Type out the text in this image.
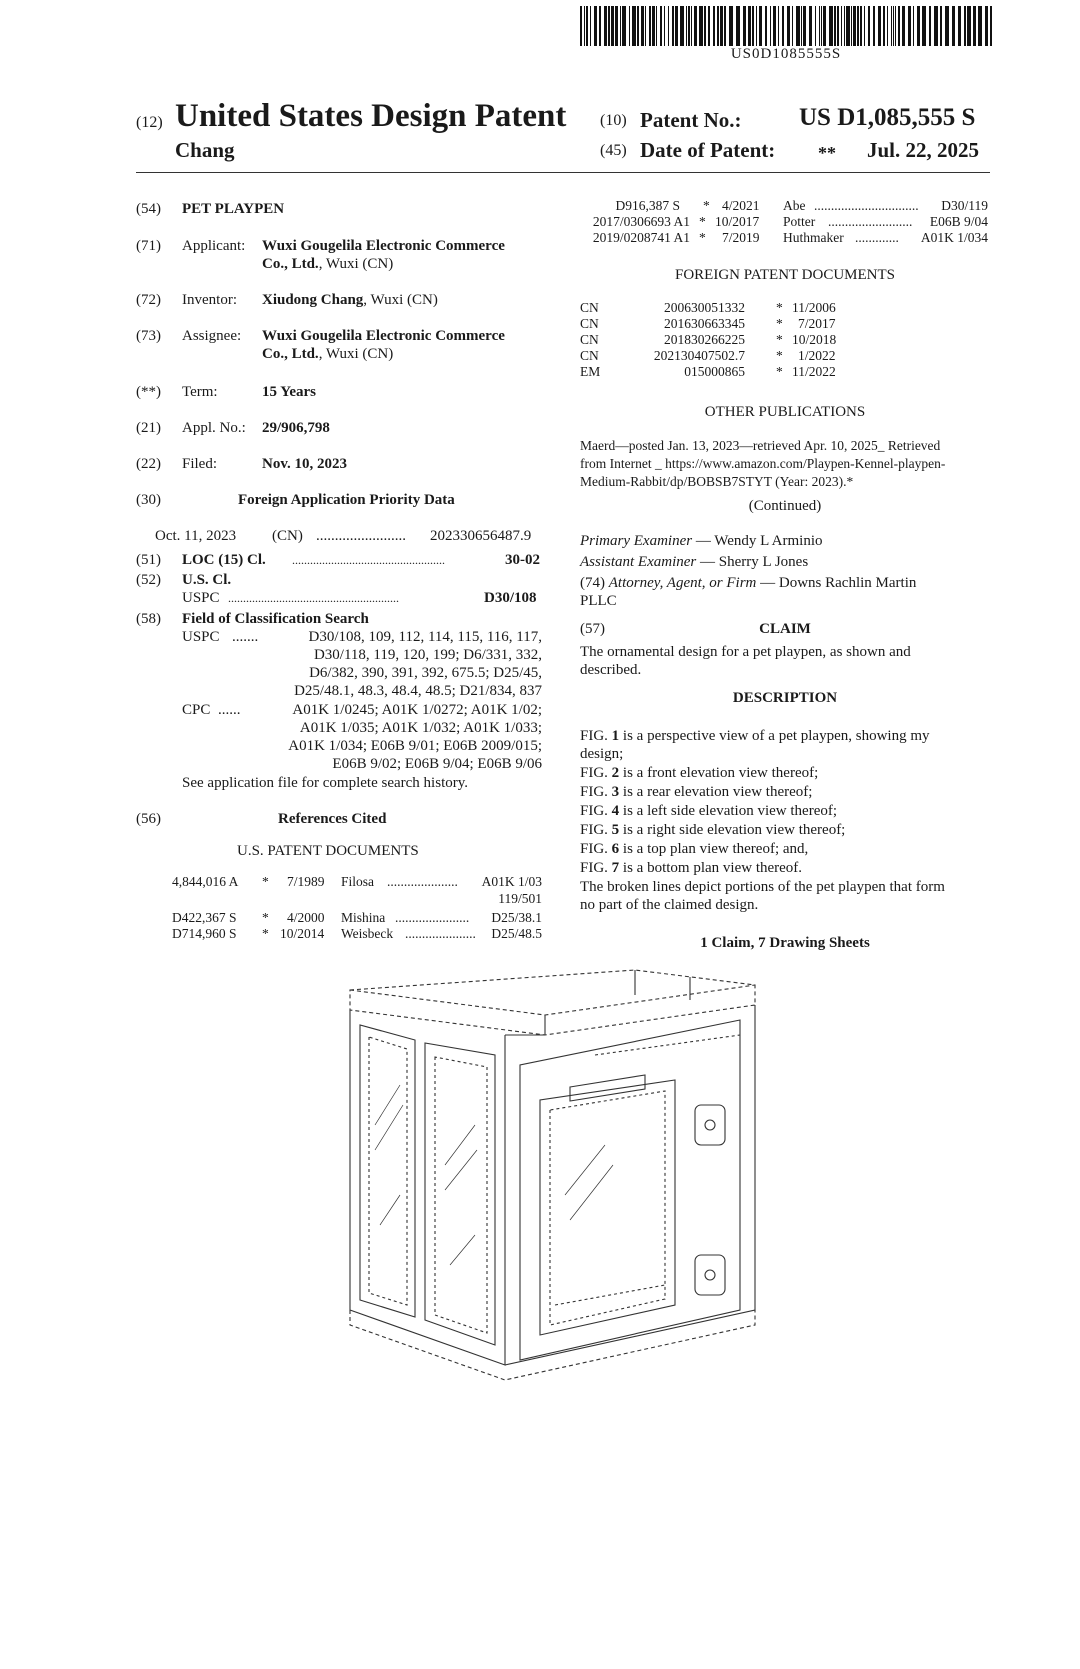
US0D1085555S
(12) United States Design Patent
Chang
(10) Patent No.: US D1,085,555 S
(45) Date of Patent: ** Jul. 22, 2025
(54) PET PLAYPEN
(71) Applicant: Wuxi Gougelila Electronic Commerce
Co., Ltd., Wuxi (CN)
(72) Inventor: Xiudong Chang, Wuxi (CN)
(73) Assignee: Wuxi Gougelila Electronic Commerce
Co., Ltd., Wuxi (CN)
(**) Term:	15 Years
(21) Appl. No.: 29/906,798
(22) Filed:	Nov. 10, 2023
(30)	Foreign Application Priority Data
Oct. 11, 2023 (CN) ........................ 202330656487.9
(51) LOC (15) Cl. ...................................................	30-02
(52) U.S. Cl.
USPC .........................................................	D30/108
(58) Field of Classification Search
USPC .......	D30/108, 109, 112, 114, 115, 116, 117,
D30/118, 119, 120, 199; D6/331, 332,
D6/382, 390, 391, 392, 675.5; D25/45,
D25/48.1, 48.3, 48.4, 48.5; D21/834, 837
CPC ......	A01K 1/0245; A01K 1/0272; A01K 1/02;
A01K 1/035; A01K 1/032; A01K 1/033;
A01K 1/034; E06B 9/01; E06B 2009/015;
E06B 9/02; E06B 9/04; E06B 9/06
See application file for complete search history.
(56)	References Cited
U.S. PATENT DOCUMENTS
4,844,016 A * 7/1989 Filosa .....................	A01K 1/03
119/501
D422,367 S * 4/2000 Mishina ......................	D25/38.1
D714,960 S * 10/2014 Weisbeck .....................	D25/48.5
D916,387 S * 4/2021 Abe ...............................	D30/119
2017/0306693 A1 * 10/2017 Potter .........................	E06B 9/04
2019/0208741 A1 * 7/2019 Huthmaker .............	A01K 1/034
FOREIGN PATENT DOCUMENTS
CN	200630051332 * 11/2006
CN	201630663345 * 7/2017
CN	201830266225 * 10/2018
CN	202130407502.7 * 1/2022
EM	015000865 * 11/2022
OTHER PUBLICATIONS
Maerd—posted Jan. 13, 2023—retrieved Apr. 10, 2025_ Retrieved
from Internet _ https://www.amazon.com/Playpen-Kennel-playpen-
Medium-Rabbit/dp/BOBSB7STYT (Year: 2023).*
(Continued)
Primary Examiner — Wendy L Arminio
Assistant Examiner — Sherry L Jones
(74) Attorney, Agent, or Firm — Downs Rachlin Martin
PLLC
(57)	CLAIM
The ornamental design for a pet playpen, as shown and
described.
DESCRIPTION
FIG. 1 is a perspective view of a pet playpen, showing my
design;
FIG. 2 is a front elevation view thereof;
FIG. 3 is a rear elevation view thereof;
FIG. 4 is a left side elevation view thereof;
FIG. 5 is a right side elevation view thereof;
FIG. 6 is a top plan view thereof; and,
FIG. 7 is a bottom plan view thereof.
The broken lines depict portions of the pet playpen that form
no part of the claimed design.
1 Claim, 7 Drawing Sheets
